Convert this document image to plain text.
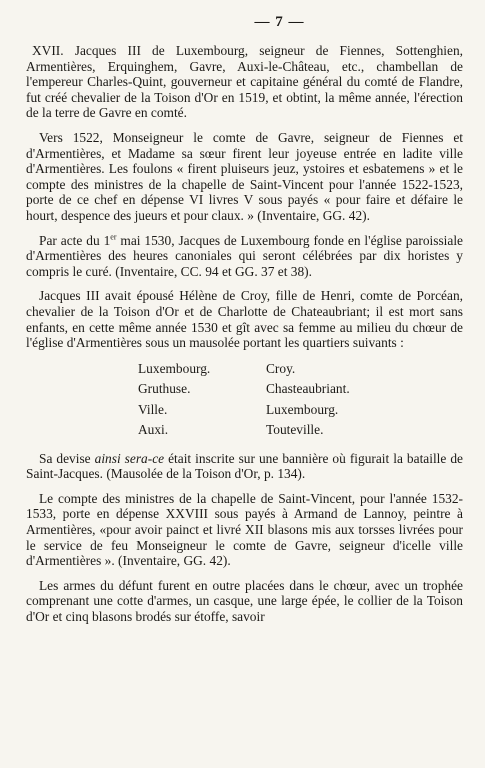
— 7 —

XVII. Jacques III de Luxembourg, seigneur de Fiennes, Sottenghien, Armentières, Erquinghem, Gavre, Auxi-le-Château, etc., chambellan de l'empereur Charles-Quint, gouverneur et capitaine général du comté de Flandre, fut créé chevalier de la Toison d'Or en 1519, et obtint, la même année, l'érection de la terre de Gavre en comté.

Vers 1522, Monseigneur le comte de Gavre, seigneur de Fiennes et d'Armentières, et Madame sa sœur firent leur joyeuse entrée en ladite ville d'Armentières. Les foulons « firent pluiseurs jeuz, ystoires et esbatemens » et le compte des ministres de la chapelle de Saint-Vincent pour l'année 1522-1523, porte de ce chef en dépense VI livres V sous payés « pour faire et défaire le hourt, despence des jueurs et pour claux. » (Inventaire, GG. 42).

Par acte du 1er mai 1530, Jacques de Luxembourg fonde en l'église paroissiale d'Armentières des heures canoniales qui seront célébrées par dix horistes y compris le curé. (Inventaire, CC. 94 et GG. 37 et 38).

Jacques III avait épousé Hélène de Croy, fille de Henri, comte de Porcéan, chevalier de la Toison d'Or et de Charlotte de Chateaubriant; il est mort sans enfants, en cette même année 1530 et gît avec sa femme au milieu du chœur de l'église d'Armentières sous un mausolée portant les quartiers suivants :

Luxembourg.	Croy.
Gruthuse.	Chasteaubriant.
Ville.	Luxembourg.
Auxi.	Touteville.

Sa devise ainsi sera-ce était inscrite sur une bannière où figurait la bataille de Saint-Jacques. (Mausolée de la Toison d'Or, p. 134).

Le compte des ministres de la chapelle de Saint-Vincent, pour l'année 1532-1533, porte en dépense XXVIII sous payés à Armand de Lannoy, peintre à Armentières, «pour avoir painct et livré XII blasons mis aux torsses livrées pour le service de feu Monseigneur le comte de Gavre, seigneur d'icelle ville d'Armentières ». (Inventaire, GG. 42).

Les armes du défunt furent en outre placées dans le chœur, avec un trophée comprenant une cotte d'armes, un casque, une large épée, le collier de la Toison d'Or et cinq blasons brodés sur étoffe, savoir
